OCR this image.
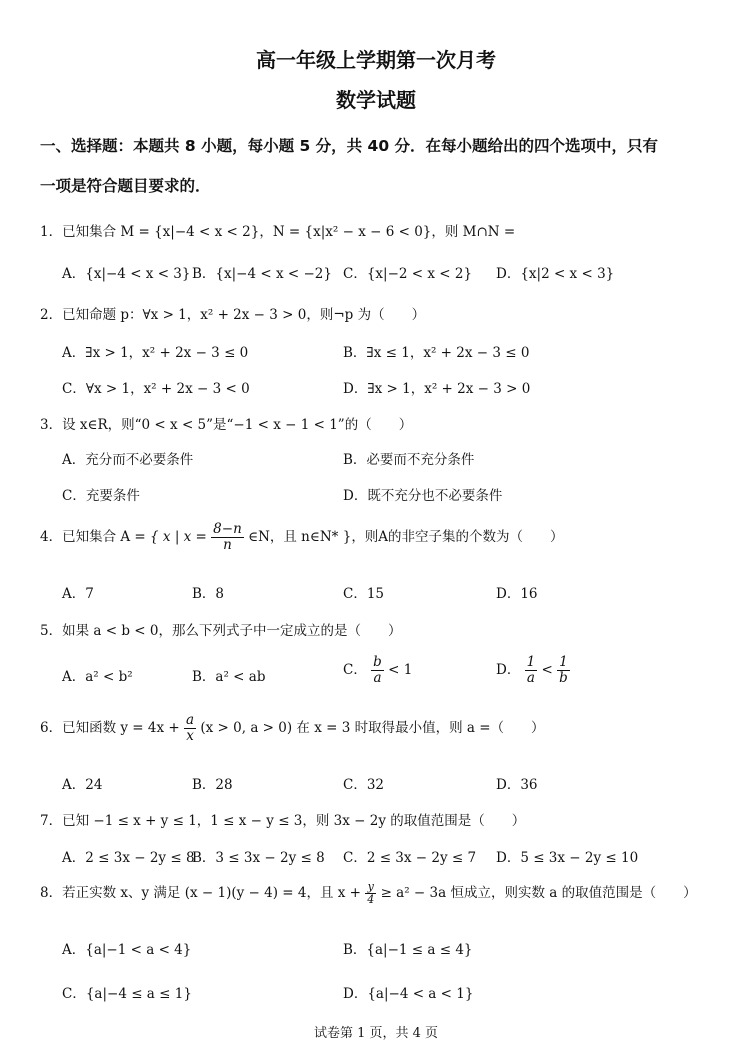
高一年级上学期第一次月考
数学试题
一、选择题：本题共 8 小题，每小题 5 分，共 40 分．在每小题给出的四个选项中，只有
一项是符合题目要求的．
1．已知集合 M = {x|−4 < x < 2}，N = {x|x² − x − 6 < 0}，则 M∩N =
A．{x|−4 < x < 3} B．{x|−4 < x < −2} C．{x|−2 < x < 2} D．{x|2 < x < 3}
2．已知命题 p：∀x > 1，x² + 2x − 3 > 0，则¬p 为（　　）
A．∃x > 1，x² + 2x − 3 ≤ 0	B．∃x ≤ 1，x² + 2x − 3 ≤ 0
C．∀x > 1，x² + 2x − 3 < 0	D．∃x > 1，x² + 2x − 3 > 0
3．设 x∈R，则“0 < x < 5”是“−1 < x − 1 < 1”的（　　）
A．充分而不必要条件	B．必要而不充分条件
C．充要条件	D．既不充分也不必要条件
4．已知集合 A = { x | $x = \frac{8-n}{n}$ ∈N，且 n∈N* }，则A的非空子集的个数为（　　）
A．7	B．8	C．15	D．16
5．如果 a < b < 0，那么下列式子中一定成立的是（　　）
A．a² < b²	B．a² < ab	C． $\frac{b}{a} < 1$	D． $\frac{1}{a} < \frac{1}{b}$
6．已知函数 $y = 4x + \frac{a}{x} (x > 0$, a > 0) 在 x = 3 时取得最小值，则 a =（　　）
A．24	B．28	C．32	D．36
7．已知 −1 ≤ x + y ≤ 1，1 ≤ x − y ≤ 3，则 3x − 2y 的取值范围是（　　）
A．2 ≤ 3x − 2y ≤ 8
B．3 ≤ 3x − 2y ≤ 8 C．2 ≤ 3x − 2y ≤ 7 D．5 ≤ 3x − 2y ≤ 10
8．若正实数 x、y 满足 (x − 1)(y − 4) = 4，且 $x + \frac{y}{4} \ge a^2 - 3a$ 恒成立，则实数 a 的取值范围是（　　）
A．{a|−1 < a < 4}	B．{a|−1 ≤ a ≤ 4}
C．{a|−4 ≤ a ≤ 1}	D．{a|−4 < a < 1}
试卷第 1 页，共 4 页
